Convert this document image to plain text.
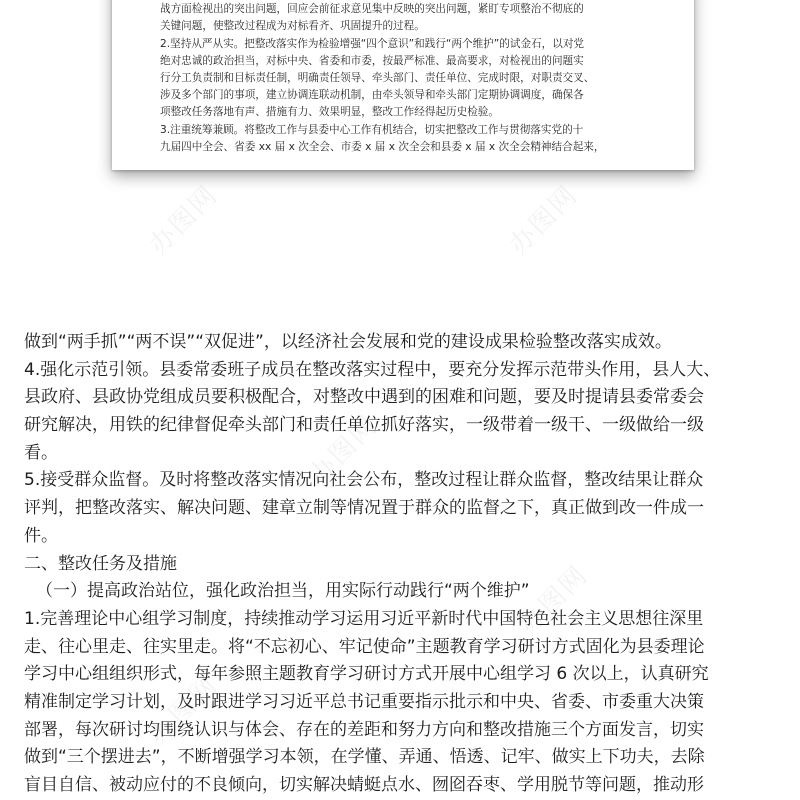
战方面检视出的突出问题，回应会前征求意见集中反映的突出问题，紧盯专项整治不彻底的
关键问题，使整改过程成为对标看齐、巩固提升的过程。
2.坚持从严从实。把整改落实作为检验增强“四个意识”和践行“两个维护”的试金石，以对党
绝对忠诚的政治担当，对标中央、省委和市委，按最严标准、最高要求，对检视出的问题实
行分工负责制和目标责任制，明确责任领导、牵头部门、责任单位、完成时限，对职责交叉、
涉及多个部门的事项，建立协调连联动机制，由牵头领导和牵头部门定期协调调度，确保各
项整改任务落地有声、措施有力、效果明显，整改工作经得起历史检验。
3.注重统筹兼顾。将整改工作与县委中心工作有机结合，切实把整改工作与贯彻落实党的十
九届四中全会、省委 xx 届 x 次全会、市委 x 届 x 次全会和县委 x 届 x 次全会精神结合起来，
办图网	办图网
办图网
办图网
办图网
做到“两手抓”“两不误”“双促进”，以经济社会发展和党的建设成果检验整改落实成效。
4.强化示范引领。县委常委班子成员在整改落实过程中，要充分发挥示范带头作用，县人大、
县政府、县政协党组成员要积极配合，对整改中遇到的困难和问题，要及时提请县委常委会
研究解决，用铁的纪律督促牵头部门和责任单位抓好落实，一级带着一级干、一级做给一级
看。
5.接受群众监督。及时将整改落实情况向社会公布，整改过程让群众监督，整改结果让群众
评判，把整改落实、解决问题、建章立制等情况置于群众的监督之下，真正做到改一件成一
件。
二、整改任务及措施
（一）提高政治站位，强化政治担当，用实际行动践行“两个维护”
1.完善理论中心组学习制度，持续推动学习运用习近平新时代中国特色社会主义思想往深里
走、往心里走、往实里走。将“不忘初心、牢记使命”主题教育学习研讨方式固化为县委理论
学习中心组组织形式，每年参照主题教育学习研讨方式开展中心组学习 6 次以上，认真研究
精准制定学习计划，及时跟进学习习近平总书记重要指示批示和中央、省委、市委重大决策
部署，每次研讨均围绕认识与体会、存在的差距和努力方向和整改措施三个方面发言，切实
做到“三个摆进去”，不断增强学习本领，在学懂、弄通、悟透、记牢、做实上下功夫，去除
盲目自信、被动应付的不良倾向，切实解决蜻蜓点水、囫囵吞枣、学用脱节等问题，推动形
